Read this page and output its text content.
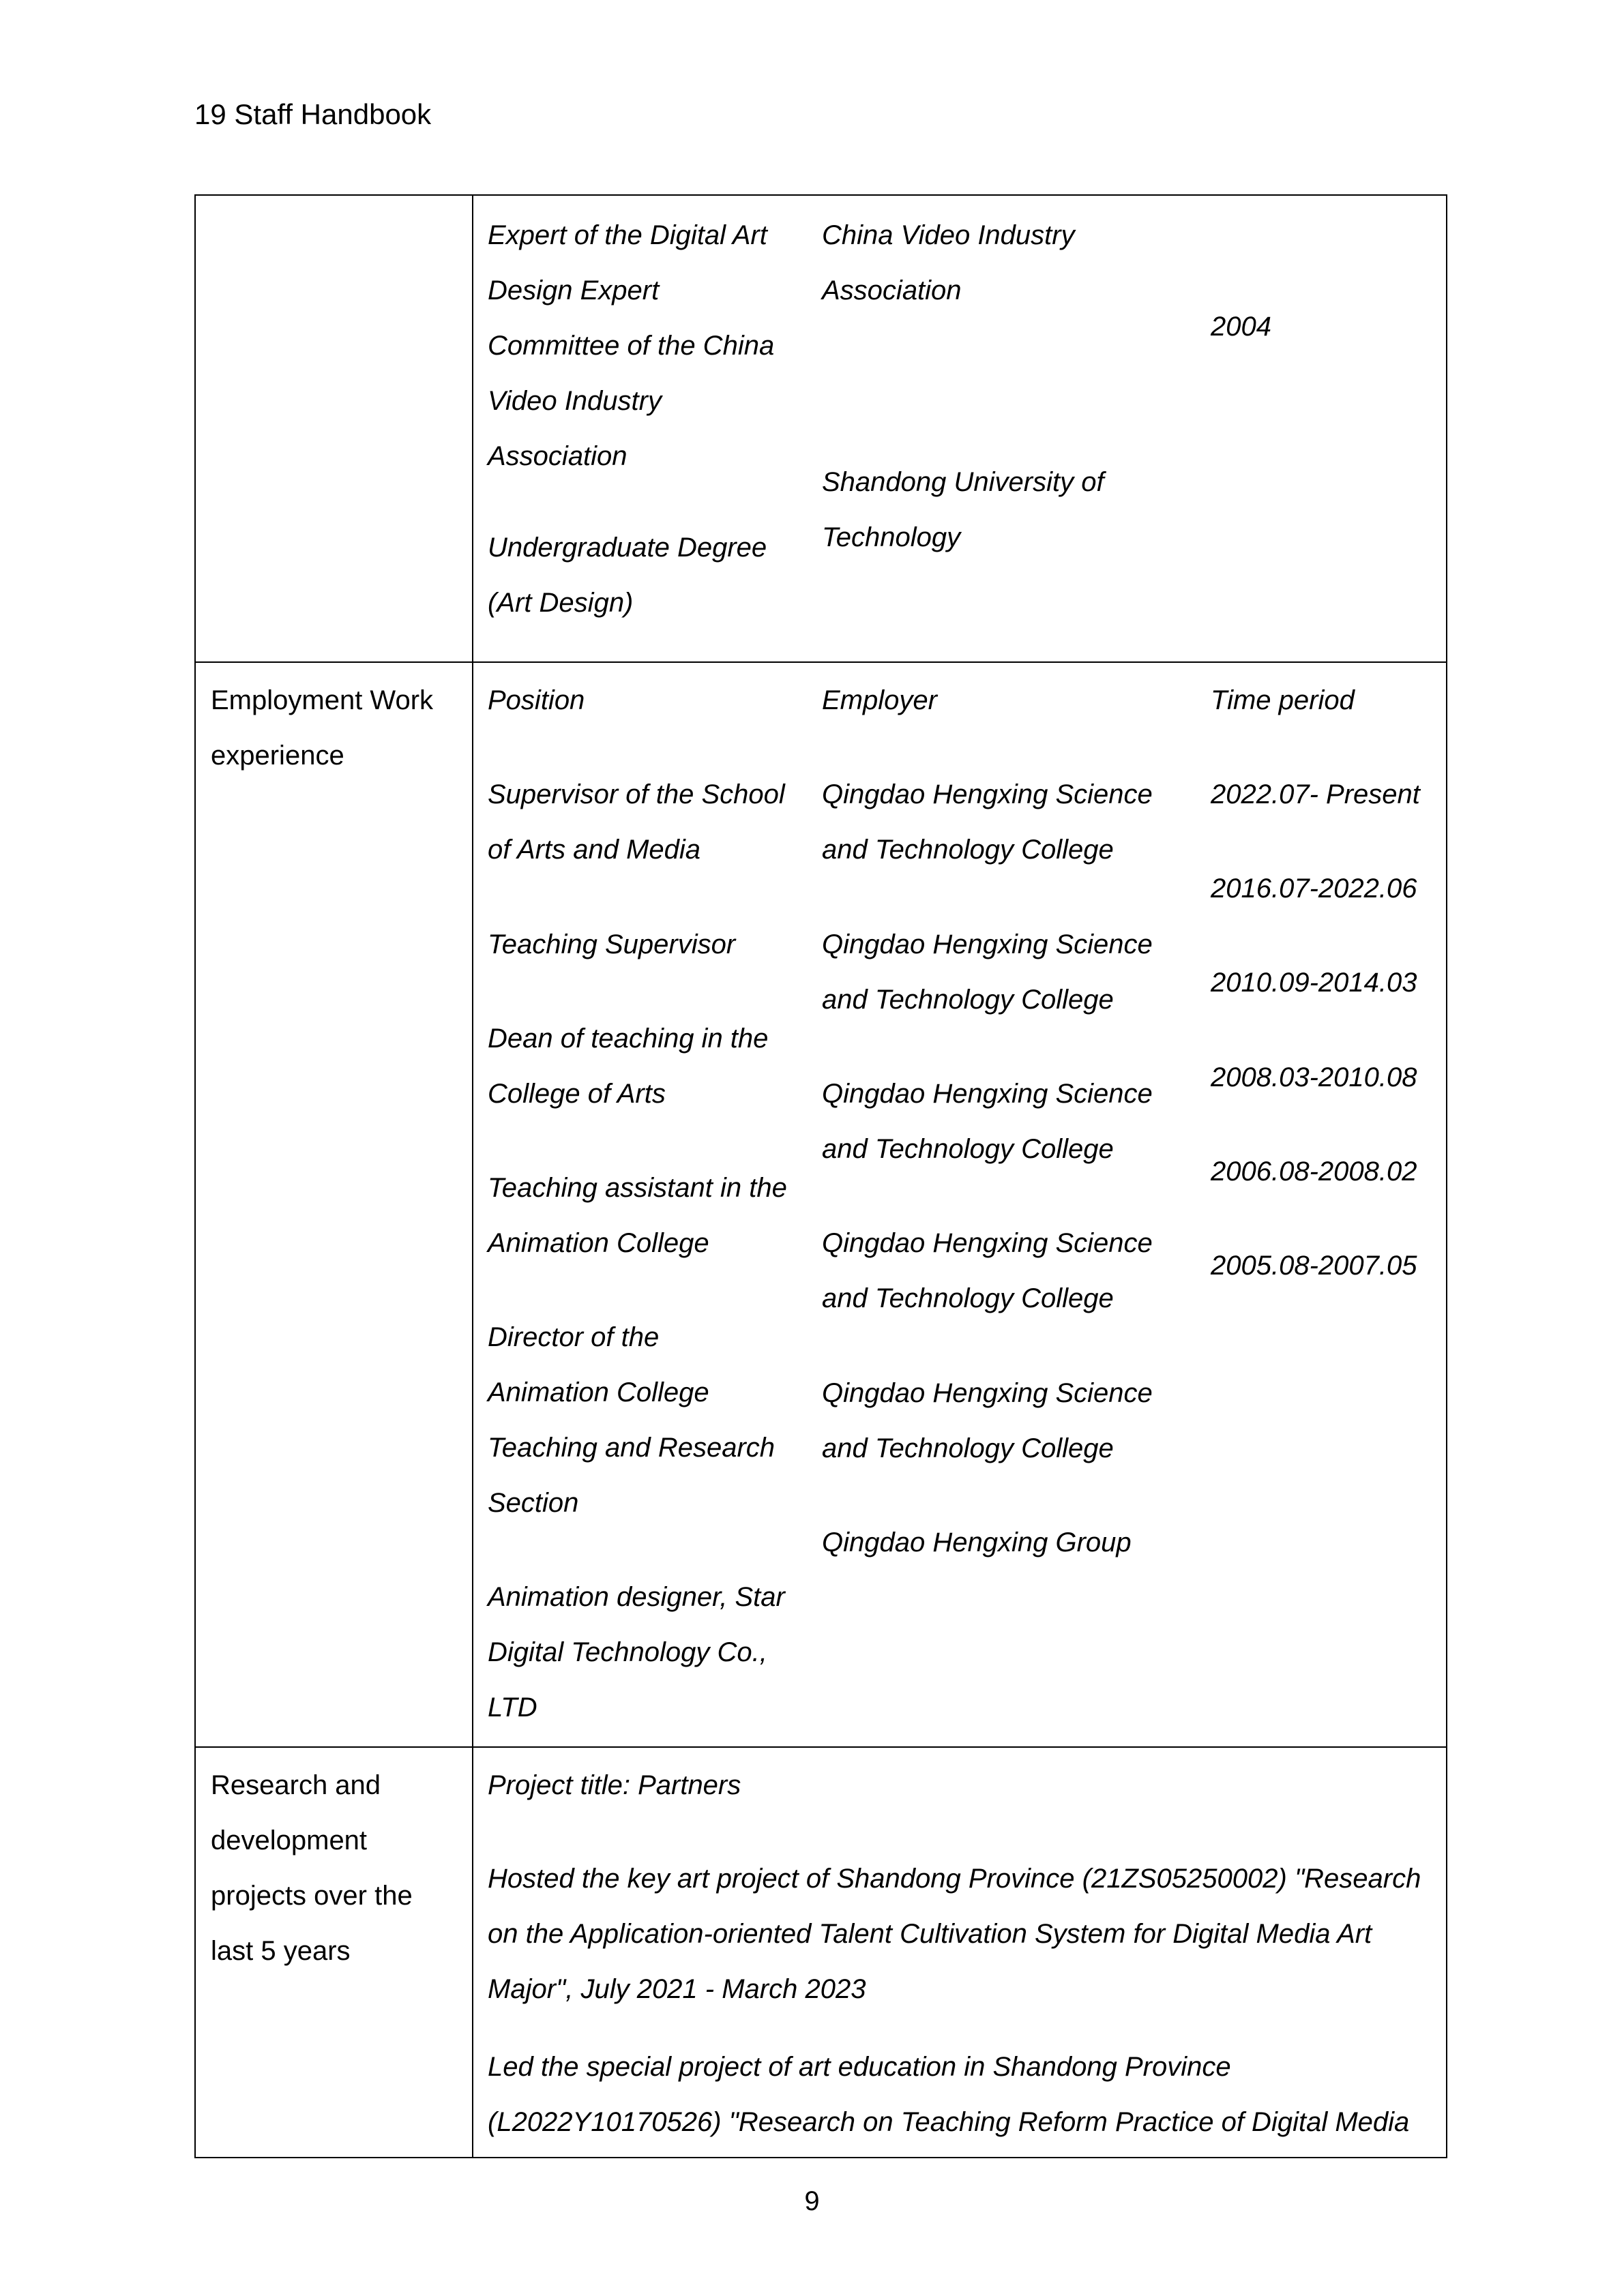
19 Staff Handbook
Expert of the Digital Art
Design Expert
Committee of the China
Video Industry
Association
Undergraduate Degree
(Art Design)
China Video Industry
Association
Shandong University of
Technology
2004
Employment Work
experience
Position	Employer	Time period
Supervisor of the School
of Arts and Media
Teaching Supervisor
Dean of teaching in the
College of Arts
Teaching assistant in the
Animation College
Director of the
Animation College
Teaching and Research
Section
Animation designer, Star
Digital Technology Co.,
LTD
Qingdao Hengxing Science
and Technology College
Qingdao Hengxing Science
and Technology College
Qingdao Hengxing Science
and Technology College
Qingdao Hengxing Science
and Technology College
Qingdao Hengxing Science
and Technology College
Qingdao Hengxing Group
2022.07- Present
2016.07-2022.06
2010.09-2014.03
2008.03-2010.08
2006.08-2008.02
2005.08-2007.05
Research and
development
projects over the
last 5 years
Project title: Partners
Hosted the key art project of Shandong Province (21ZS05250002) "Research
on the Application-oriented Talent Cultivation System for Digital Media Art
Major", July 2021 - March 2023
Led the special project of art education in Shandong Province
(L2022Y10170526) "Research on Teaching Reform Practice of Digital Media
9
